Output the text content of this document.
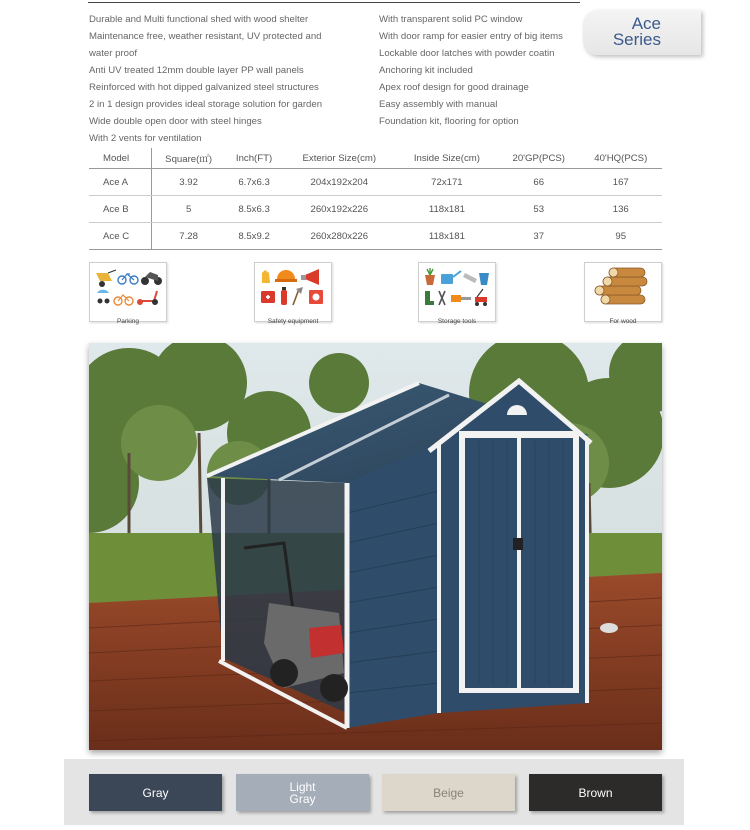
Durable and Multi functional shed with wood shelter
Maintenance free, weather resistant, UV protected and
water proof
Anti UV treated 12mm double layer PP wall panels
Reinforced with hot dipped galvanized steel structures
2 in 1 design provides ideal storage solution for garden
Wide double open door with steel hinges
With 2 vents for ventilation
With transparent solid PC window
With door ramp for easier entry of big items
Lockable door latches with powder coatin
Anchoring kit included
Apex roof design for good drainage
Easy assembly with manual
Foundation kit, flooring for option
Ace
Series
Model	Square(㎡)	Inch(FT)	Exterior Size(cm)	Inside Size(cm)	20'GP(PCS)	40'HQ(PCS)
Ace A	3.92	6.7x6.3	204x192x204	72x171	66	167
Ace B	5	8.5x6.3	260x192x226	118x181	53	136
Ace C	7.28	8.5x9.2	260x280x226	118x181	37	95
Parking	Safety equipment	Storage tools	For wood
Gray	Light Gray	Beige	Brown
